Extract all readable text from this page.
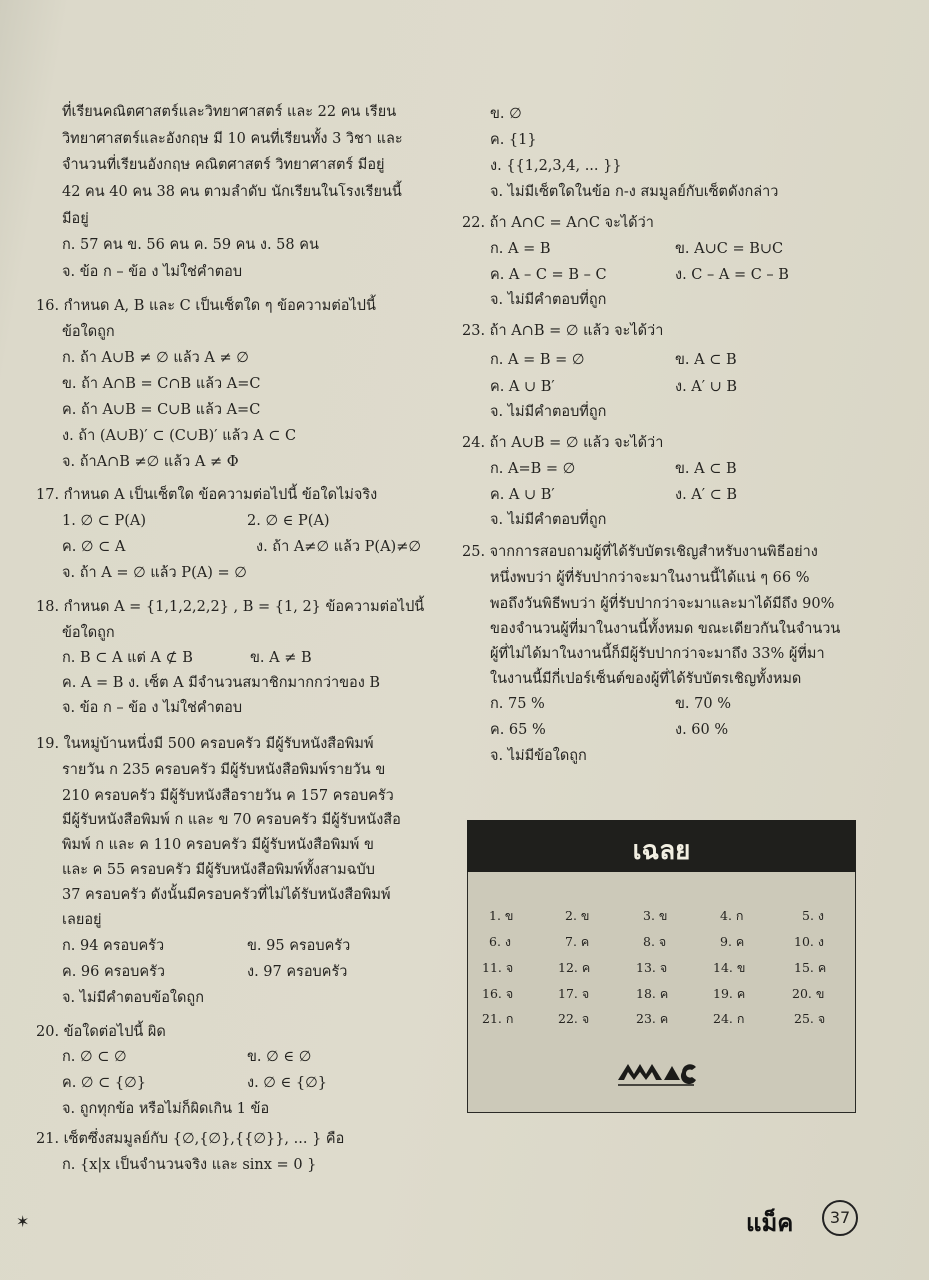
ที่เรียนคณิตศาสตร์และวิทยาศาสตร์ และ 22 คน เรียน
วิทยาศาสตร์และอังกฤษ มี 10 คนที่เรียนทั้ง 3 วิชา และ
จำนวนที่เรียนอังกฤษ คณิตศาสตร์ วิทยาศาสตร์ มีอยู่
42 คน 40 คน 38 คน ตามลำดับ นักเรียนในโรงเรียนนี้
มีอยู่
ก. 57 คน ข. 56 คน ค. 59 คน ง. 58 คน
จ. ข้อ ก – ข้อ ง ไม่ใช่คำตอบ
16. กำหนด A, B และ C เป็นเซ็ตใด ๆ ข้อความต่อไปนี้
ข้อใดถูก
ก. ถ้า A∪B ≠ ∅ แล้ว A ≠ ∅
ข. ถ้า A∩B = C∩B แล้ว A=C
ค. ถ้า A∪B = C∪B แล้ว A=C
ง. ถ้า (A∪B)′ ⊂ (C∪B)′ แล้ว A ⊂ C
จ. ถ้าA∩B ≠∅ แล้ว A ≠ Φ
17. กำหนด A เป็นเซ็ตใด ข้อความต่อไปนี้ ข้อใดไม่จริง
1. ∅ ⊂ P(A)	2. ∅ ∈ P(A)
ค. ∅ ⊂ A	ง. ถ้า A≠∅ แล้ว P(A)≠∅
จ. ถ้า A = ∅ แล้ว P(A) = ∅
18. กำหนด A = {1,1,2,2,2} , B = {1, 2} ข้อความต่อไปนี้
ข้อใดถูก
ก. B ⊂ A แต่ A ⊄ B	ข. A ≠ B
ค. A = B ง. เซ็ต A มีจำนวนสมาชิกมากกว่าของ B
จ. ข้อ ก – ข้อ ง ไม่ใช่คำตอบ
19. ในหมู่บ้านหนึ่งมี 500 ครอบครัว มีผู้รับหนังสือพิมพ์
รายวัน ก 235 ครอบครัว มีผู้รับหนังสือพิมพ์รายวัน ข
210 ครอบครัว มีผู้รับหนังสือรายวัน ค 157 ครอบครัว
มีผู้รับหนังสือพิมพ์ ก และ ข 70 ครอบครัว มีผู้รับหนังสือ
พิมพ์ ก และ ค 110 ครอบครัว มีผู้รับหนังสือพิมพ์ ข
และ ค 55 ครอบครัว มีผู้รับหนังสือพิมพ์ทั้งสามฉบับ
37 ครอบครัว ดังนั้นมีครอบครัวที่ไม่ได้รับหนังสือพิมพ์
เลยอยู่
ก. 94 ครอบครัว	ข. 95 ครอบครัว
ค. 96 ครอบครัว	ง. 97 ครอบครัว
จ. ไม่มีคำตอบข้อใดถูก
20. ข้อใดต่อไปนี้ ผิด
ก. ∅ ⊂ ∅	ข. ∅ ∈ ∅
ค. ∅ ⊂ {∅}	ง. ∅ ∈ {∅}
จ. ถูกทุกข้อ หรือไม่ก็ผิดเกิน 1 ข้อ
21. เซ็ตซึ่งสมมูลย์กับ {∅,{∅},{{∅}}, ... } คือ
ก. {x|x เป็นจำนวนจริง และ sinx = 0 }
ข. ∅
ค. {1}
ง. {{1,2,3,4, ... }}
จ. ไม่มีเซ็ตใดในข้อ ก-ง สมมูลย์กับเซ็ตดังกล่าว
22. ถ้า A∩C = A∩C จะได้ว่า
ก. A = B	ข. A∪C = B∪C
ค. A – C = B – C	ง. C – A = C – B
จ. ไม่มีคำตอบที่ถูก
23. ถ้า A∩B = ∅ แล้ว จะได้ว่า
ก. A = B = ∅	ข. A ⊂ B
ค. A ∪ B′	ง. A′ ∪ B
จ. ไม่มีคำตอบที่ถูก
24. ถ้า A∪B = ∅ แล้ว จะได้ว่า
ก. A=B = ∅	ข. A ⊂ B
ค. A ∪ B′	ง. A′ ⊂ B
จ. ไม่มีคำตอบที่ถูก
25. จากการสอบถามผู้ที่ได้รับบัตรเชิญสำหรับงานพิธีอย่าง
หนึ่งพบว่า ผู้ที่รับปากว่าจะมาในงานนี้ได้แน่ ๆ 66 %
พอถึงวันพิธีพบว่า ผู้ที่รับปากว่าจะมาและมาได้มีถึง 90%
ของจำนวนผู้ที่มาในงานนี้ทั้งหมด ขณะเดียวกันในจำนวน
ผู้ที่ไม่ได้มาในงานนี้ก็มีผู้รับปากว่าจะมาถึง 33% ผู้ที่มา
ในงานนี้มีกี่เปอร์เซ็นต์ของผู้ที่ได้รับบัตรเชิญทั้งหมด
ก. 75 %	ข. 70 %
ค. 65 %	ง. 60 %
จ. ไม่มีข้อใดถูก
เฉลย
1. ข	2. ข	3. ข	4. ก	5. ง
6. ง	7. ค	8. จ	9. ค	10. ง
11. จ	12. ค	13. จ	14. ข	15. ค
16. จ	17. จ	18. ค	19. ค	20. ข
21. ก	22. จ	23. ค	24. ก	25. จ
✶	แม็ค	37
